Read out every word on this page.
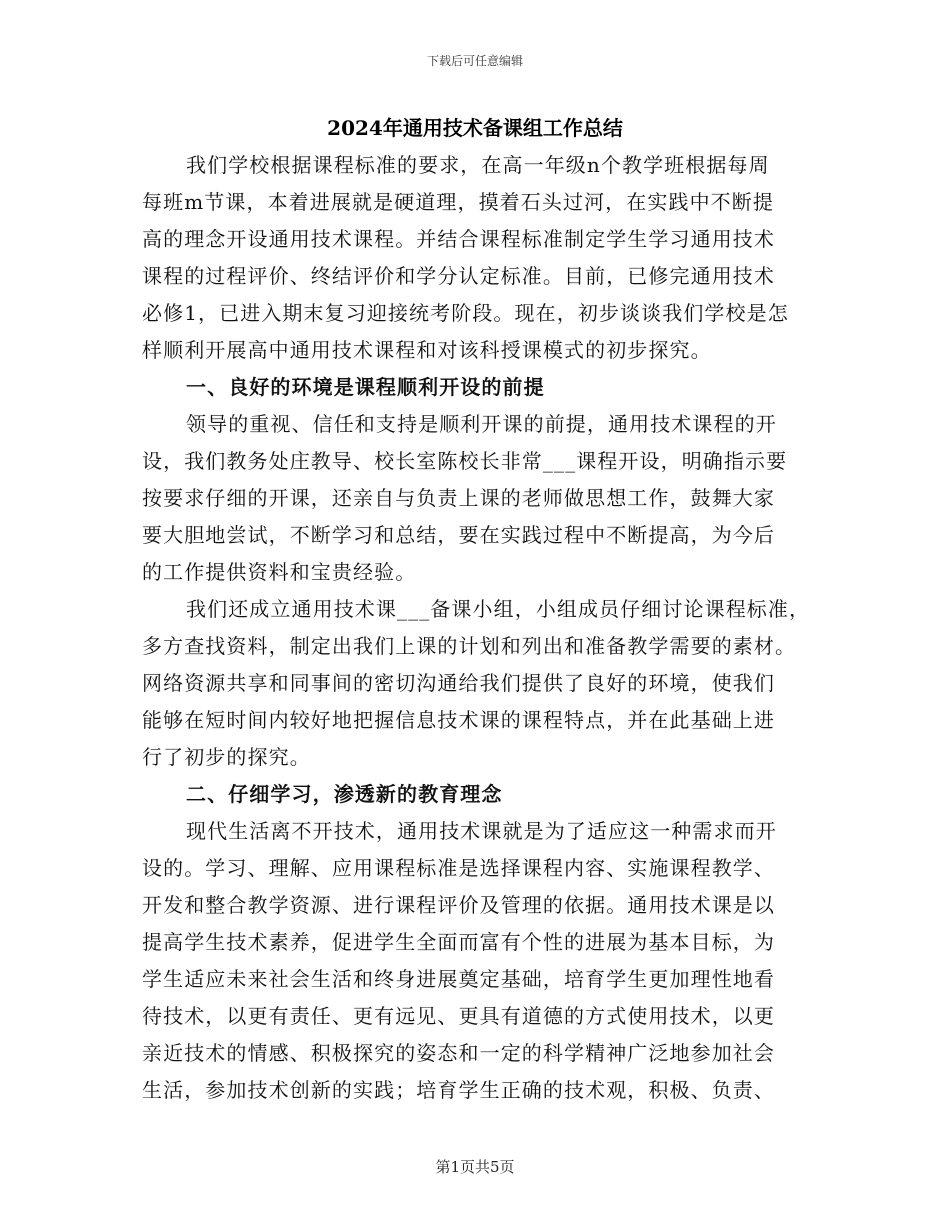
下载后可任意编辑
2024年通用技术备课组工作总结
我们学校根据课程标准的要求，在高一年级n个教学班根据每周
每班m节课，本着进展就是硬道理，摸着石头过河，在实践中不断提
高的理念开设通用技术课程。并结合课程标准制定学生学习通用技术
课程的过程评价、终结评价和学分认定标准。目前，已修完通用技术
必修1，已进入期末复习迎接统考阶段。现在，初步谈谈我们学校是怎
样顺利开展高中通用技术课程和对该科授课模式的初步探究。
一、良好的环境是课程顺利开设的前提
领导的重视、信任和支持是顺利开课的前提，通用技术课程的开
设，我们教务处庄教导、校长室陈校长非常___课程开设，明确指示要
按要求仔细的开课，还亲自与负责上课的老师做思想工作，鼓舞大家
要大胆地尝试，不断学习和总结，要在实践过程中不断提高，为今后
的工作提供资料和宝贵经验。
我们还成立通用技术课___备课小组，小组成员仔细讨论课程标准，
多方查找资料，制定出我们上课的计划和列出和准备教学需要的素材。
网络资源共享和同事间的密切沟通给我们提供了良好的环境，使我们
能够在短时间内较好地把握信息技术课的课程特点，并在此基础上进
行了初步的探究。
二、仔细学习，渗透新的教育理念
现代生活离不开技术，通用技术课就是为了适应这一种需求而开
设的。学习、理解、应用课程标准是选择课程内容、实施课程教学、
开发和整合教学资源、进行课程评价及管理的依据。通用技术课是以
提高学生技术素养，促进学生全面而富有个性的进展为基本目标，为
学生适应未来社会生活和终身进展奠定基础，培育学生更加理性地看
待技术，以更有责任、更有远见、更具有道德的方式使用技术，以更
亲近技术的情感、积极探究的姿态和一定的科学精神广泛地参加社会
生活，参加技术创新的实践；培育学生正确的技术观，积极、负责、
第1页共5页
